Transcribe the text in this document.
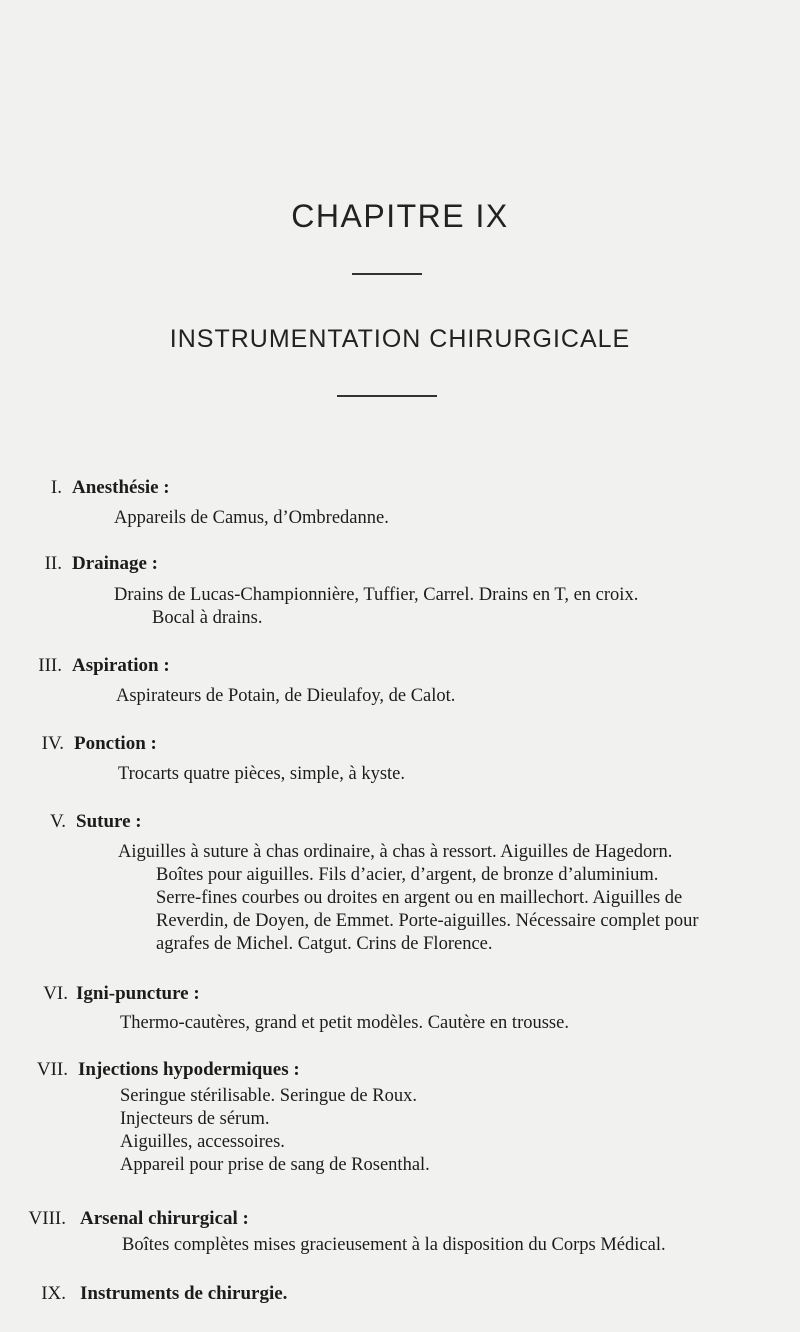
CHAPITRE IX
INSTRUMENTATION CHIRURGICALE
I. Anesthésie :
Appareils de Camus, d’Ombredanne.
II. Drainage :
Drains de Lucas-Championnière, Tuffier, Carrel. Drains en T, en croix.
Bocal à drains.
III. Aspiration :
Aspirateurs de Potain, de Dieulafoy, de Calot.
IV. Ponction :
Trocarts quatre pièces, simple, à kyste.
V. Suture :
Aiguilles à suture à chas ordinaire, à chas à ressort. Aiguilles de Hagedorn.
Boîtes pour aiguilles. Fils d’acier, d’argent, de bronze d’aluminium.
Serre-fines courbes ou droites en argent ou en maillechort. Aiguilles de
Reverdin, de Doyen, de Emmet. Porte-aiguilles. Nécessaire complet pour
agrafes de Michel. Catgut. Crins de Florence.
VI. Igni-puncture :
Thermo-cautères, grand et petit modèles. Cautère en trousse.
VII. Injections hypodermiques :
Seringue stérilisable. Seringue de Roux.
Injecteurs de sérum.
Aiguilles, accessoires.
Appareil pour prise de sang de Rosenthal.
VIII. Arsenal chirurgical :
Boîtes complètes mises gracieusement à la disposition du Corps Médical.
IX. Instruments de chirurgie.
